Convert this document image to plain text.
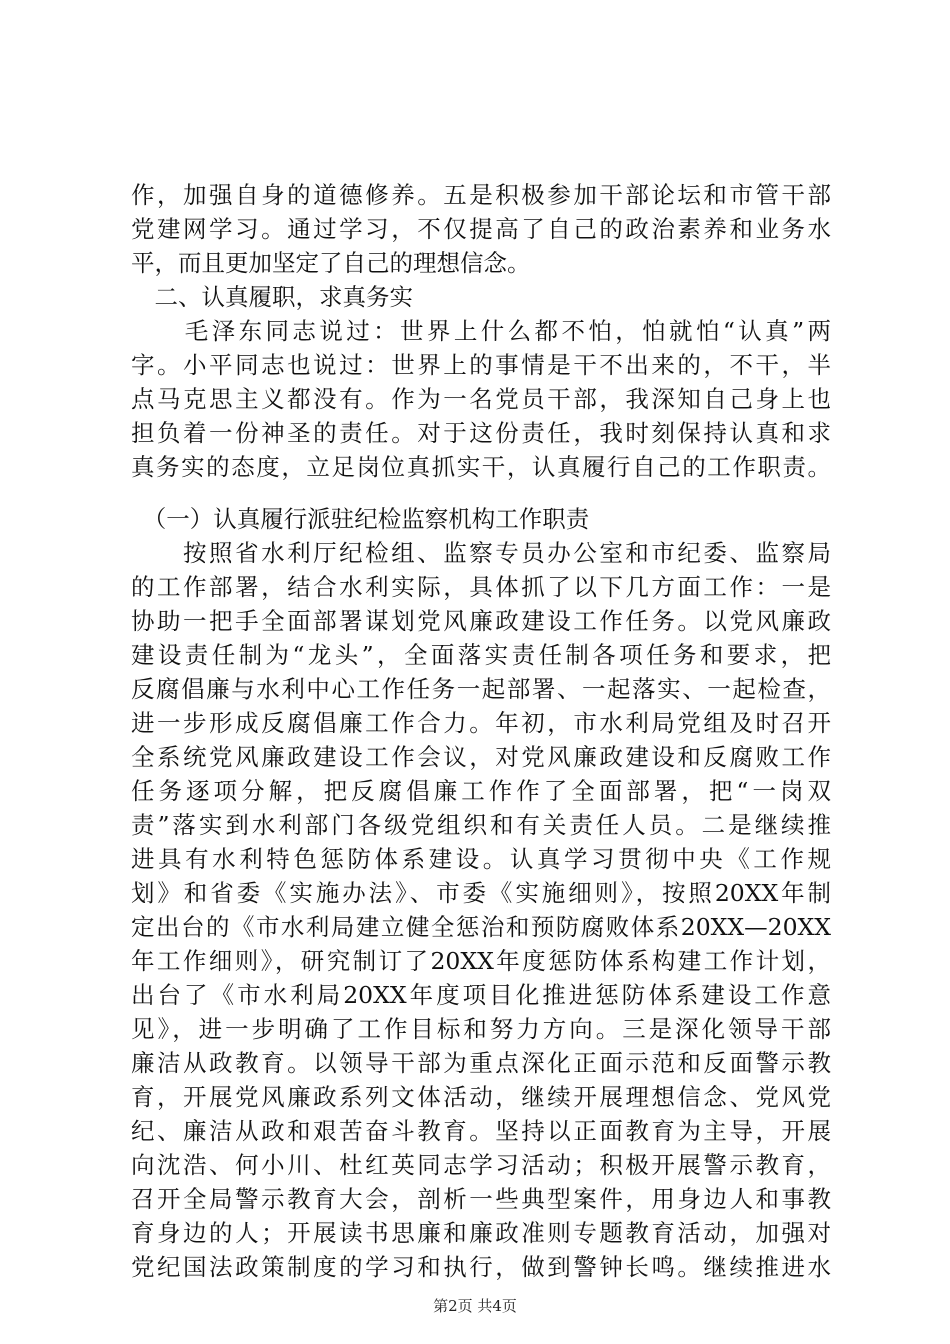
作，加强自身的道德修养。五是积极参加干部论坛和市管干部
党建网学习。通过学习，不仅提高了自己的政治素养和业务水
平，而且更加坚定了自己的理想信念。
　二、认真履职，求真务实
　　毛泽东同志说过：世界上什么都不怕，怕就怕“认真”两
字。小平同志也说过：世界上的事情是干不出来的，不干，半
点马克思主义都没有。作为一名党员干部，我深知自己身上也
担负着一份神圣的责任。对于这份责任，我时刻保持认真和求
真务实的态度，立足岗位真抓实干，认真履行自己的工作职责。
　（一）认真履行派驻纪检监察机构工作职责
　　按照省水利厅纪检组、监察专员办公室和市纪委、监察局
的工作部署，结合水利实际，具体抓了以下几方面工作：一是
协助一把手全面部署谋划党风廉政建设工作任务。以党风廉政
建设责任制为“龙头”，全面落实责任制各项任务和要求，把
反腐倡廉与水利中心工作任务一起部署、一起落实、一起检查，
进一步形成反腐倡廉工作合力。年初，市水利局党组及时召开
全系统党风廉政建设工作会议，对党风廉政建设和反腐败工作
任务逐项分解，把反腐倡廉工作作了全面部署，把“一岗双
责”落实到水利部门各级党组织和有关责任人员。二是继续推
进具有水利特色惩防体系建设。认真学习贯彻中央《工作规
划》和省委《实施办法》、市委《实施细则》，按照20XX年制
定出台的《市水利局建立健全惩治和预防腐败体系20XX—20XX
年工作细则》，研究制订了20XX年度惩防体系构建工作计划，
出台了《市水利局20XX年度项目化推进惩防体系建设工作意
见》，进一步明确了工作目标和努力方向。三是深化领导干部
廉洁从政教育。以领导干部为重点深化正面示范和反面警示教
育，开展党风廉政系列文体活动，继续开展理想信念、党风党
纪、廉洁从政和艰苦奋斗教育。坚持以正面教育为主导，开展
向沈浩、何小川、杜红英同志学习活动；积极开展警示教育，
召开全局警示教育大会，剖析一些典型案件，用身边人和事教
育身边的人；开展读书思廉和廉政准则专题教育活动，加强对
党纪国法政策制度的学习和执行，做到警钟长鸣。继续推进水
第2页 共4页
